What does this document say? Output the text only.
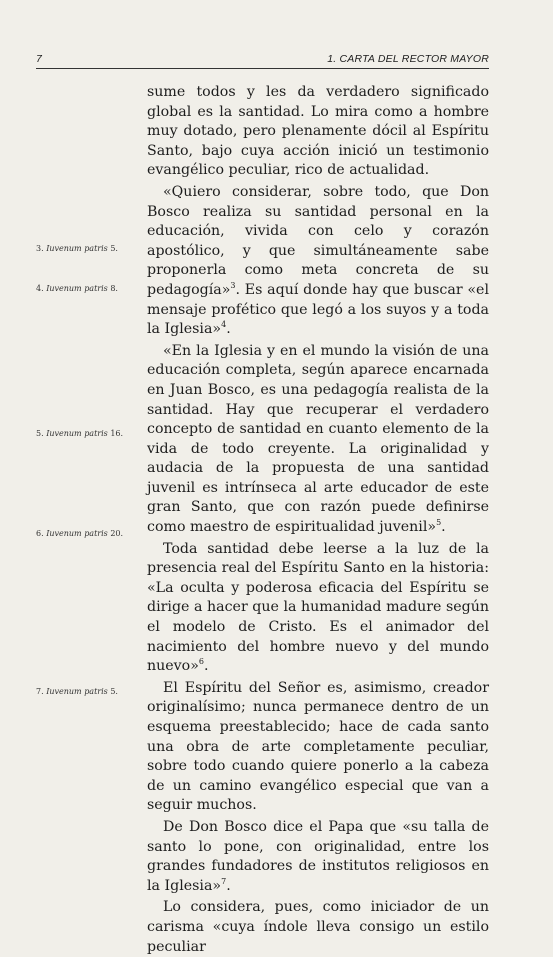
7	1. CARTA DEL RECTOR MAYOR

sume todos y les da verdadero significado global es la santidad. Lo mira como a hombre muy dotado, pero plenamente dócil al Espíritu Santo, bajo cuya acción inició un testimonio evangélico peculiar, rico de actualidad.

«Quiero considerar, sobre todo, que Don Bosco realiza su santidad personal en la educación, vivida con celo y corazón apostólico, y que simultáneamente sabe proponerla como meta concreta de su pedagogía»$^3$. Es aquí donde hay que buscar «el mensaje profético que legó a los suyos y a toda la Iglesia»$^4$.

«En la Iglesia y en el mundo la visión de una educación completa, según aparece encarnada en Juan Bosco, es una pedagogía realista de la santidad. Hay que recuperar el verdadero concepto de santidad en cuanto elemento de la vida de todo creyente. La originalidad y audacia de la propuesta de una santidad juvenil es intrínseca al arte educador de este gran Santo, que con razón puede definirse como maestro de espiritualidad juvenil»$^5$.

Toda santidad debe leerse a la luz de la presencia real del Espíritu Santo en la historia: «La oculta y poderosa eficacia del Espíritu se dirige a hacer que la humanidad madure según el modelo de Cristo. Es el animador del nacimiento del hombre nuevo y del mundo nuevo»$^6$.

El Espíritu del Señor es, asimismo, creador originalísimo; nunca permanece dentro de un esquema preestablecido; hace de cada santo una obra de arte completamente peculiar, sobre todo cuando quiere ponerlo a la cabeza de un camino evangélico especial que van a seguir muchos.

De Don Bosco dice el Papa que «su talla de santo lo pone, con originalidad, entre los grandes fundadores de institutos religiosos en la Iglesia»$^7$.

Lo considera, pues, como iniciador de un carisma «cuya índole lleva consigo un estilo peculiar

3. Iuvenum patris 5.
4. Iuvenum patris 8.
5. Iuvenum patris 16.
6. Iuvenum patris 20.
7. Iuvenum patris 5.
